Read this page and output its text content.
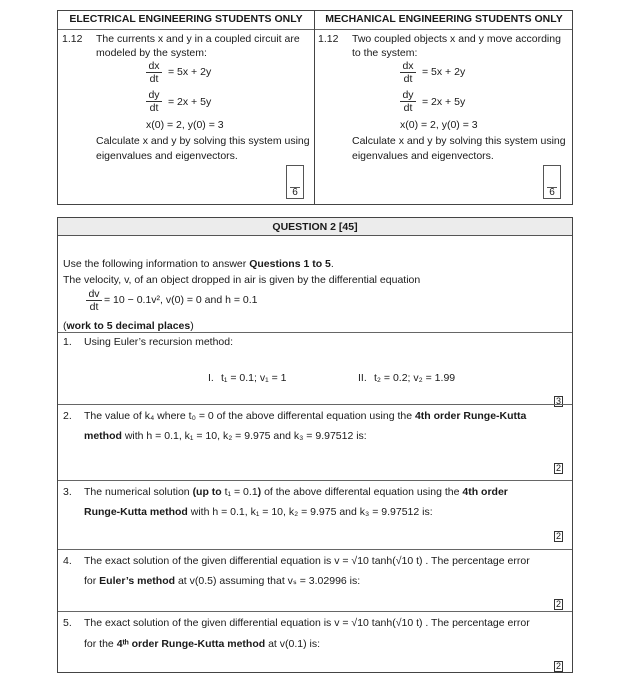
ELECTRICAL ENGINEERING STUDENTS ONLY	MECHANICAL ENGINEERING STUDENTS ONLY
1.12 The currents x and y in a coupled circuit are
modeled by the system:
$\frac{dx}{dt} = 5x + 2y$
$\frac{dy}{dt} = 2x + 5y$
x(0) = 2, y(0) = 3
Calculate x and y by solving this system using
eigenvalues and eigenvectors.
6
1.12 Two coupled objects x and y move according
to the system:
$\frac{dx}{dt} = 5x + 2y$
$\frac{dy}{dt} = 2x + 5y$
x(0) = 2, y(0) = 3
Calculate x and y by solving this system using
eigenvalues and eigenvectors.
6
QUESTION 2 [45]
Use the following information to answer Questions 1 to 5.
The velocity, v, of an object dropped in air is given by the differential equation
$\frac{dv}{dt} = 10 - 0.1v^2$, v(0) = 0 and h = 0.1
(work to 5 decimal places)
1. Using Euler’s recursion method:
I. t₁ = 0.1; v₁ = 1	II. t₂ = 0.2; v₂ = 1.99
3
2. The value of k₄ where t₀ = 0 of the above differental equation using the 4th order Runge-Kutta
method with h = 0.1, k₁ = 10, k₂ = 9.975 and k₃ = 9.97512 is:
2
3. The numerical solution (up to t₁ = 0.1) of the above differental equation using the 4th order
Runge-Kutta method with h = 0.1, k₁ = 10, k₂ = 9.975 and k₃ = 9.97512 is:
2
4. The exact solution of the given differential equation is v = √10 tanh(√10 t) . The percentage error
for Euler’s method at v(0.5) assuming that vₛ = 3.02996 is:
2
5. The exact solution of the given differential equation is v = √10 tanh(√10 t) . The percentage error
for the 4ᵗʰ order Runge-Kutta method at v(0.1) is:
2
